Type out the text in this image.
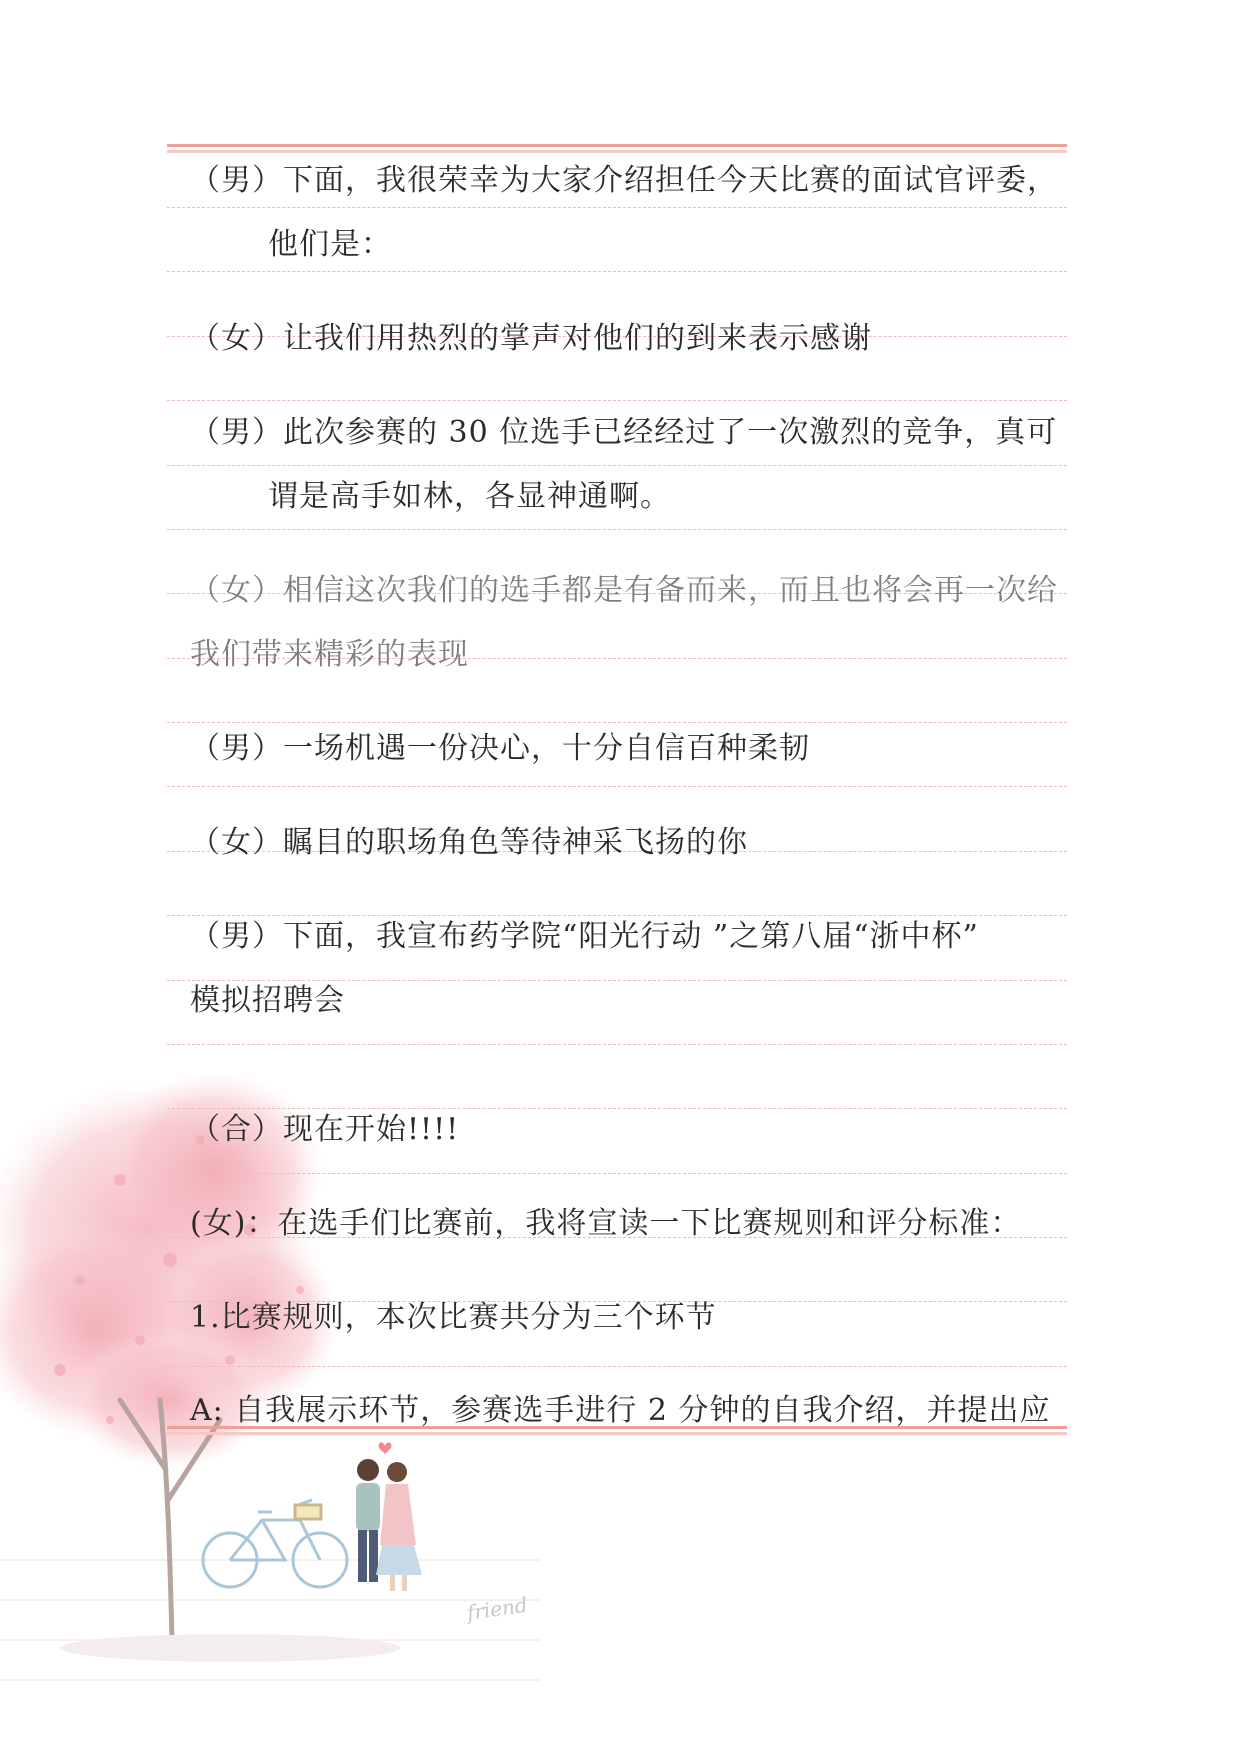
friend
（男）下面，我很荣幸为大家介绍担任今天比赛的面试官评委，
他们是：
（女）让我们用热烈的掌声对他们的到来表示感谢
（男）此次参赛的 30 位选手已经经过了一次激烈的竞争，真可
谓是高手如林，各显神通啊。
（女）相信这次我们的选手都是有备而来，而且也将会再一次给
我们带来精彩的表现
（男）一场机遇一份决心，十分自信百种柔韧
（女）瞩目的职场角色等待神采飞扬的你
（男）下面，我宣布药学院“阳光行动 ”之第八届“浙中杯”
模拟招聘会
（合）现在开始!!!!
(女)：在选手们比赛前，我将宣读一下比赛规则和评分标准：
1.比赛规则，本次比赛共分为三个环节
A: 自我展示环节，参赛选手进行 2 分钟的自我介绍，并提出应
